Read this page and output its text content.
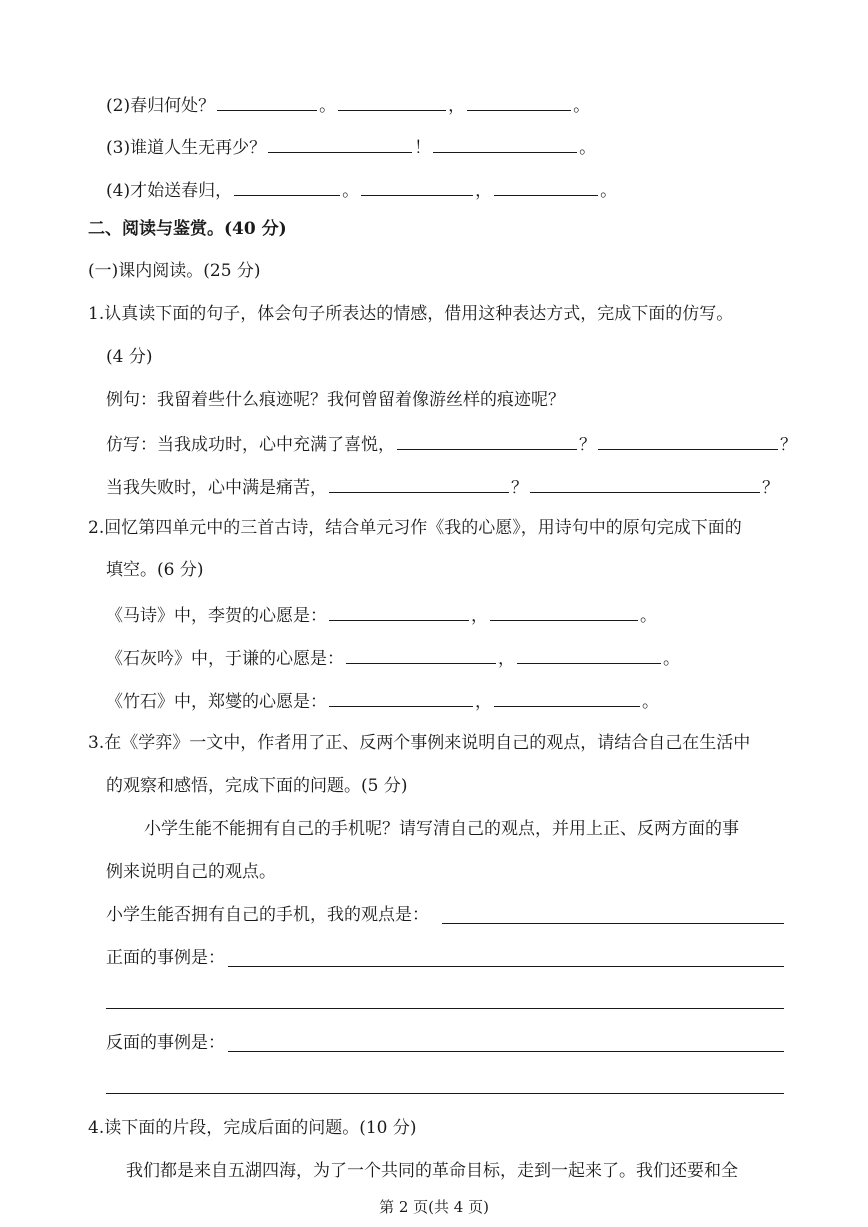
(2)春归何处？	。	，	。
(3)谁道人生无再少？	！	。
(4)才始送春归，	。	，	。
二、阅读与鉴赏。(40 分)
(一)课内阅读。(25 分)
1.认真读下面的句子，体会句子所表达的情感，借用这种表达方式，完成下面的仿写。
(4 分)
例句：我留着些什么痕迹呢？我何曾留着像游丝样的痕迹呢？
仿写：当我成功时，心中充满了喜悦，	？	？
当我失败时，心中满是痛苦，	？	？
2.回忆第四单元中的三首古诗，结合单元习作《我的心愿》，用诗句中的原句完成下面的
填空。(6 分)
《马诗》中，李贺的心愿是：	，	。
《石灰吟》中，于谦的心愿是：	，	。
《竹石》中，郑燮的心愿是：	，	。
3.在《学弈》一文中，作者用了正、反两个事例来说明自己的观点，请结合自己在生活中
的观察和感悟，完成下面的问题。(5 分)
小学生能不能拥有自己的手机呢？请写清自己的观点，并用上正、反两方面的事
例来说明自己的观点。
小学生能否拥有自己的手机，我的观点是：
正面的事例是：
反面的事例是：
4.读下面的片段，完成后面的问题。(10 分)
我们都是来自五湖四海，为了一个共同的革命目标，走到一起来了。我们还要和全
第 2 页(共 4 页)
